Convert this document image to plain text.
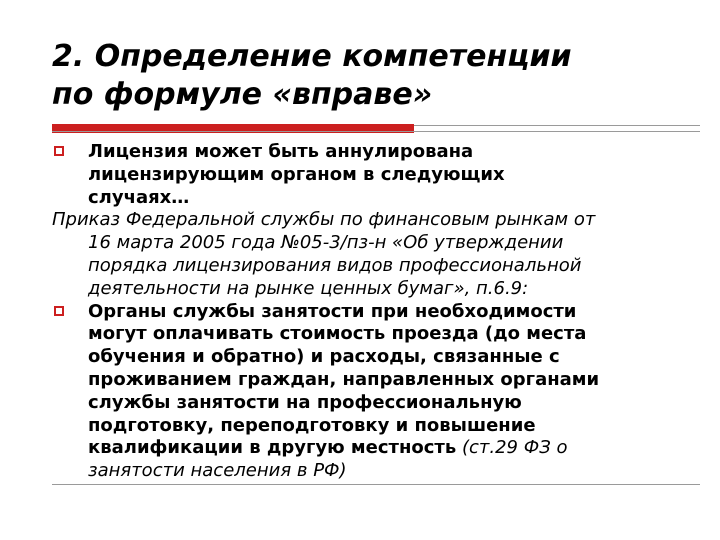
2. Определение компетенции
по формуле «вправе»
Лицензия может быть аннулирована
лицензирующим органом в следующих
случаях…
Приказ Федеральной службы по финансовым рынкам от
16 марта 2005 года №05-3/пз-н «Об утверждении
порядка лицензирования видов профессиональной
деятельности на рынке ценных бумаг», п.6.9:
Органы службы занятости при необходимости
могут оплачивать стоимость проезда (до места
обучения и обратно) и расходы, связанные с
проживанием граждан, направленных органами
службы занятости на профессиональную
подготовку, переподготовку и повышение
квалификации в другую местность (ст.29 ФЗ о
занятости населения в РФ)
